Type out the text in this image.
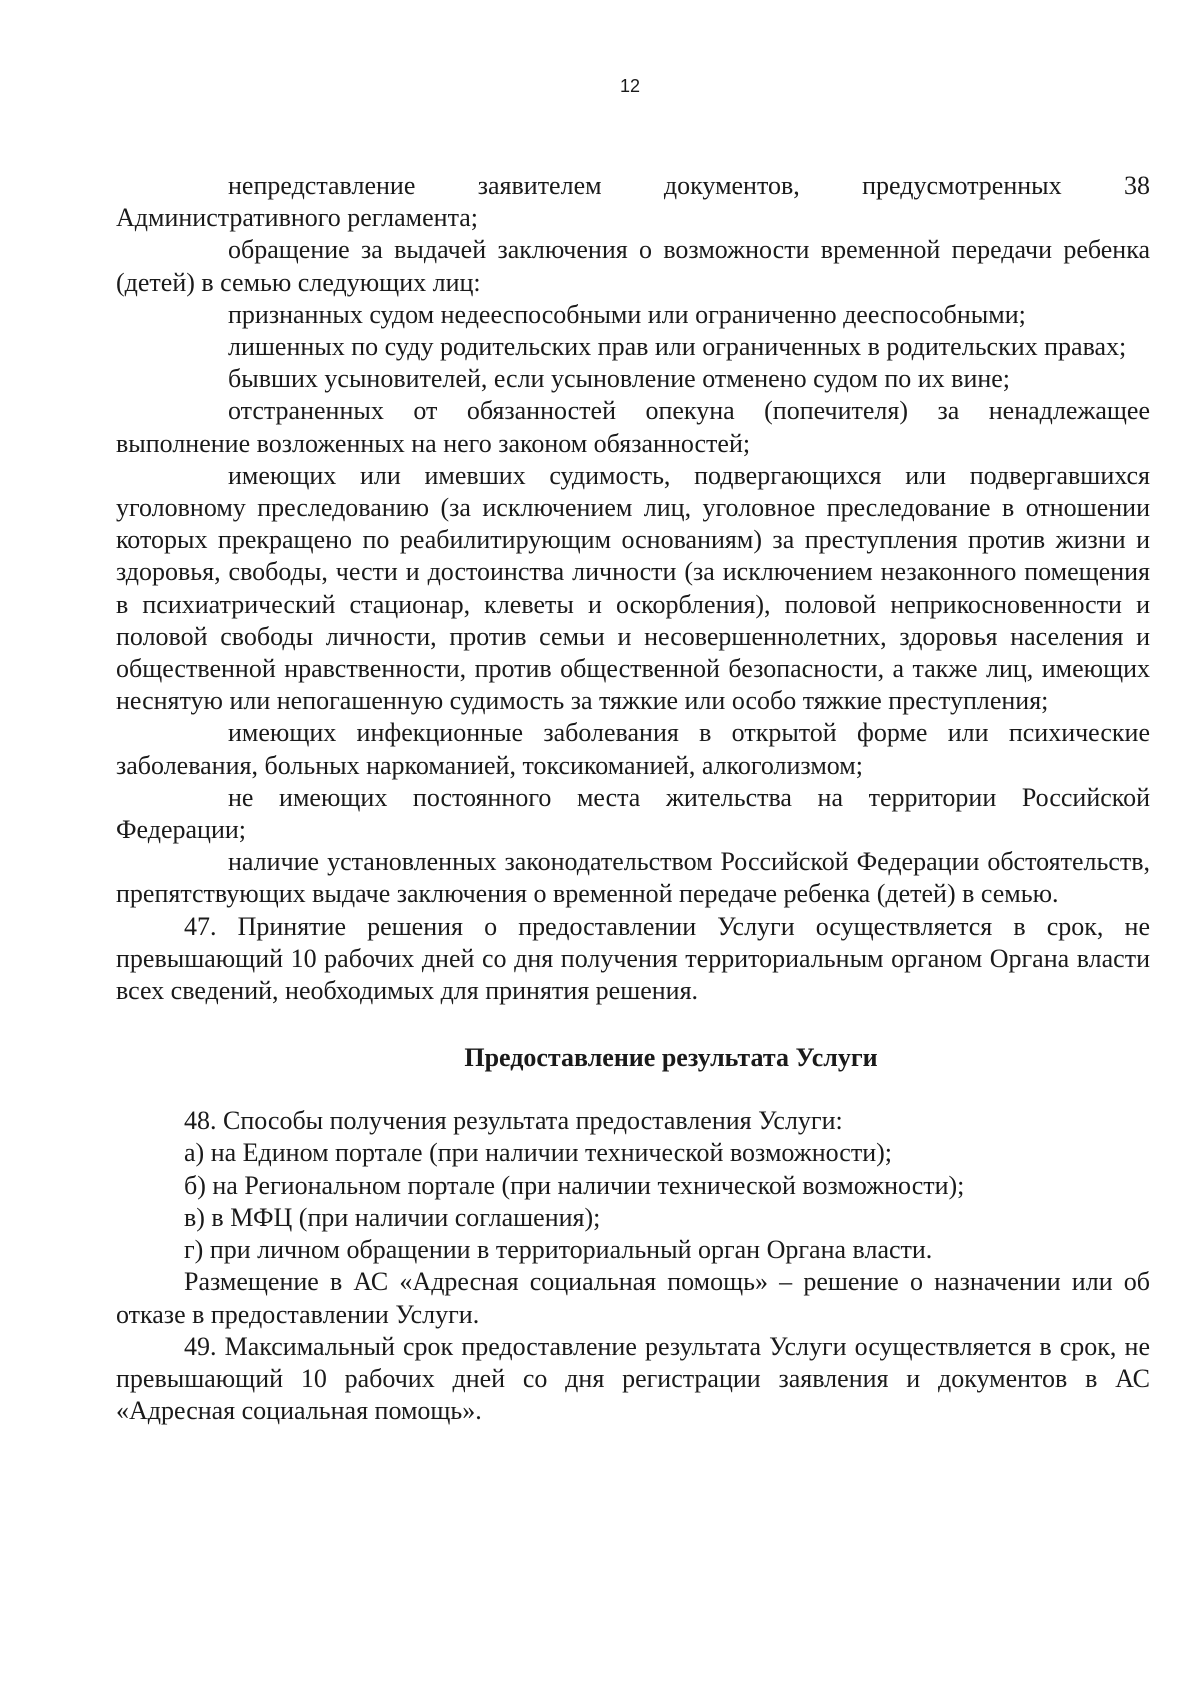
12

непредставление заявителем документов, предусмотренных 38 Административного регламента;

обращение за выдачей заключения о возможности временной передачи ребенка (детей) в семью следующих лиц:

признанных судом недееспособными или ограниченно дееспособными;

лишенных по суду родительских прав или ограниченных в родительских правах;

бывших усыновителей, если усыновление отменено судом по их вине;

отстраненных от обязанностей опекуна (попечителя) за ненадлежащее выполнение возложенных на него законом обязанностей;

имеющих или имевших судимость, подвергающихся или подвергавшихся уголовному преследованию (за исключением лиц, уголовное преследование в отношении которых прекращено по реабилитирующим основаниям) за преступления против жизни и здоровья, свободы, чести и достоинства личности (за исключением незаконного помещения в психиатрический стационар, клеветы и оскорбления), половой неприкосновенности и половой свободы личности, против семьи и несовершеннолетних, здоровья населения и общественной нравственности, против общественной безопасности, а также лиц, имеющих неснятую или непогашенную судимость за тяжкие или особо тяжкие преступления;

имеющих инфекционные заболевания в открытой форме или психические заболевания, больных наркоманией, токсикоманией, алкоголизмом;

не имеющих постоянного места жительства на территории Российской Федерации;

наличие установленных законодательством Российской Федерации обстоятельств, препятствующих выдаче заключения о временной передаче ребенка (детей) в семью.

47. Принятие решения о предоставлении Услуги осуществляется в срок, не превышающий 10 рабочих дней со дня получения территориальным органом Органа власти всех сведений, необходимых для принятия решения.

Предоставление результата Услуги

48. Способы получения результата предоставления Услуги:

а) на Едином портале (при наличии технической возможности);

б) на Региональном портале (при наличии технической возможности);

в) в МФЦ (при наличии соглашения);

г) при личном обращении в территориальный орган Органа власти.

Размещение в АС «Адресная социальная помощь» – решение о назначении или об отказе в предоставлении Услуги.

49. Максимальный срок предоставление результата Услуги осуществляется в срок, не превышающий 10 рабочих дней со дня регистрации заявления и документов в АС «Адресная социальная помощь».
